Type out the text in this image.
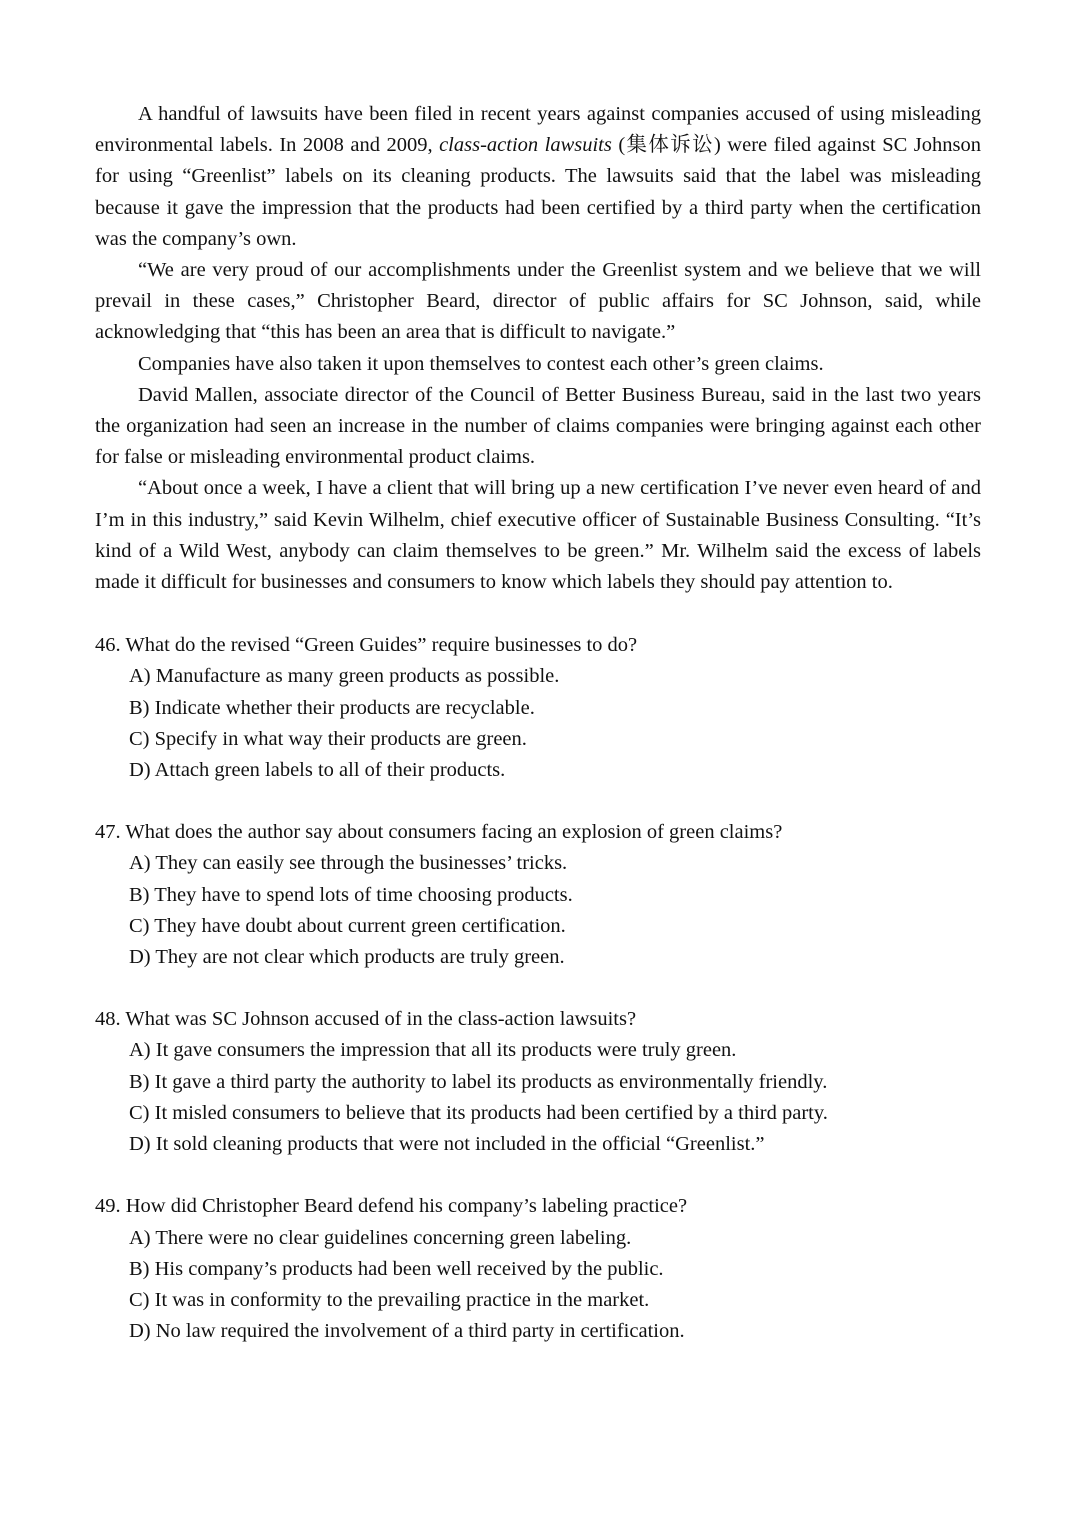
A handful of lawsuits have been filed in recent years against companies accused of using misleading environmental labels. In 2008 and 2009, class-action lawsuits (集体诉讼) were filed against SC Johnson for using “Greenlist” labels on its cleaning products. The lawsuits said that the label was misleading because it gave the impression that the products had been certified by a third party when the certification was the company’s own.

“We are very proud of our accomplishments under the Greenlist system and we believe that we will prevail in these cases,” Christopher Beard, director of public affairs for SC Johnson, said, while acknowledging that “this has been an area that is difficult to navigate.”

Companies have also taken it upon themselves to contest each other’s green claims.

David Mallen, associate director of the Council of Better Business Bureau, said in the last two years the organization had seen an increase in the number of claims companies were bringing against each other for false or misleading environmental product claims.

“About once a week, I have a client that will bring up a new certification I’ve never even heard of and I’m in this industry,” said Kevin Wilhelm, chief executive officer of Sustainable Business Consulting. “It’s kind of a Wild West, anybody can claim themselves to be green.” Mr. Wilhelm said the excess of labels made it difficult for businesses and consumers to know which labels they should pay attention to.

46. What do the revised “Green Guides” require businesses to do?

A) Manufacture as many green products as possible.
B) Indicate whether their products are recyclable.
C) Specify in what way their products are green.
D) Attach green labels to all of their products.

47. What does the author say about consumers facing an explosion of green claims?

A) They can easily see through the businesses’ tricks.
B) They have to spend lots of time choosing products.
C) They have doubt about current green certification.
D) They are not clear which products are truly green.

48. What was SC Johnson accused of in the class-action lawsuits?

A) It gave consumers the impression that all its products were truly green.
B) It gave a third party the authority to label its products as environmentally friendly.
C) It misled consumers to believe that its products had been certified by a third party.
D) It sold cleaning products that were not included in the official “Greenlist.”

49. How did Christopher Beard defend his company’s labeling practice?

A) There were no clear guidelines concerning green labeling.
B) His company’s products had been well received by the public.
C) It was in conformity to the prevailing practice in the market.
D) No law required the involvement of a third party in certification.
